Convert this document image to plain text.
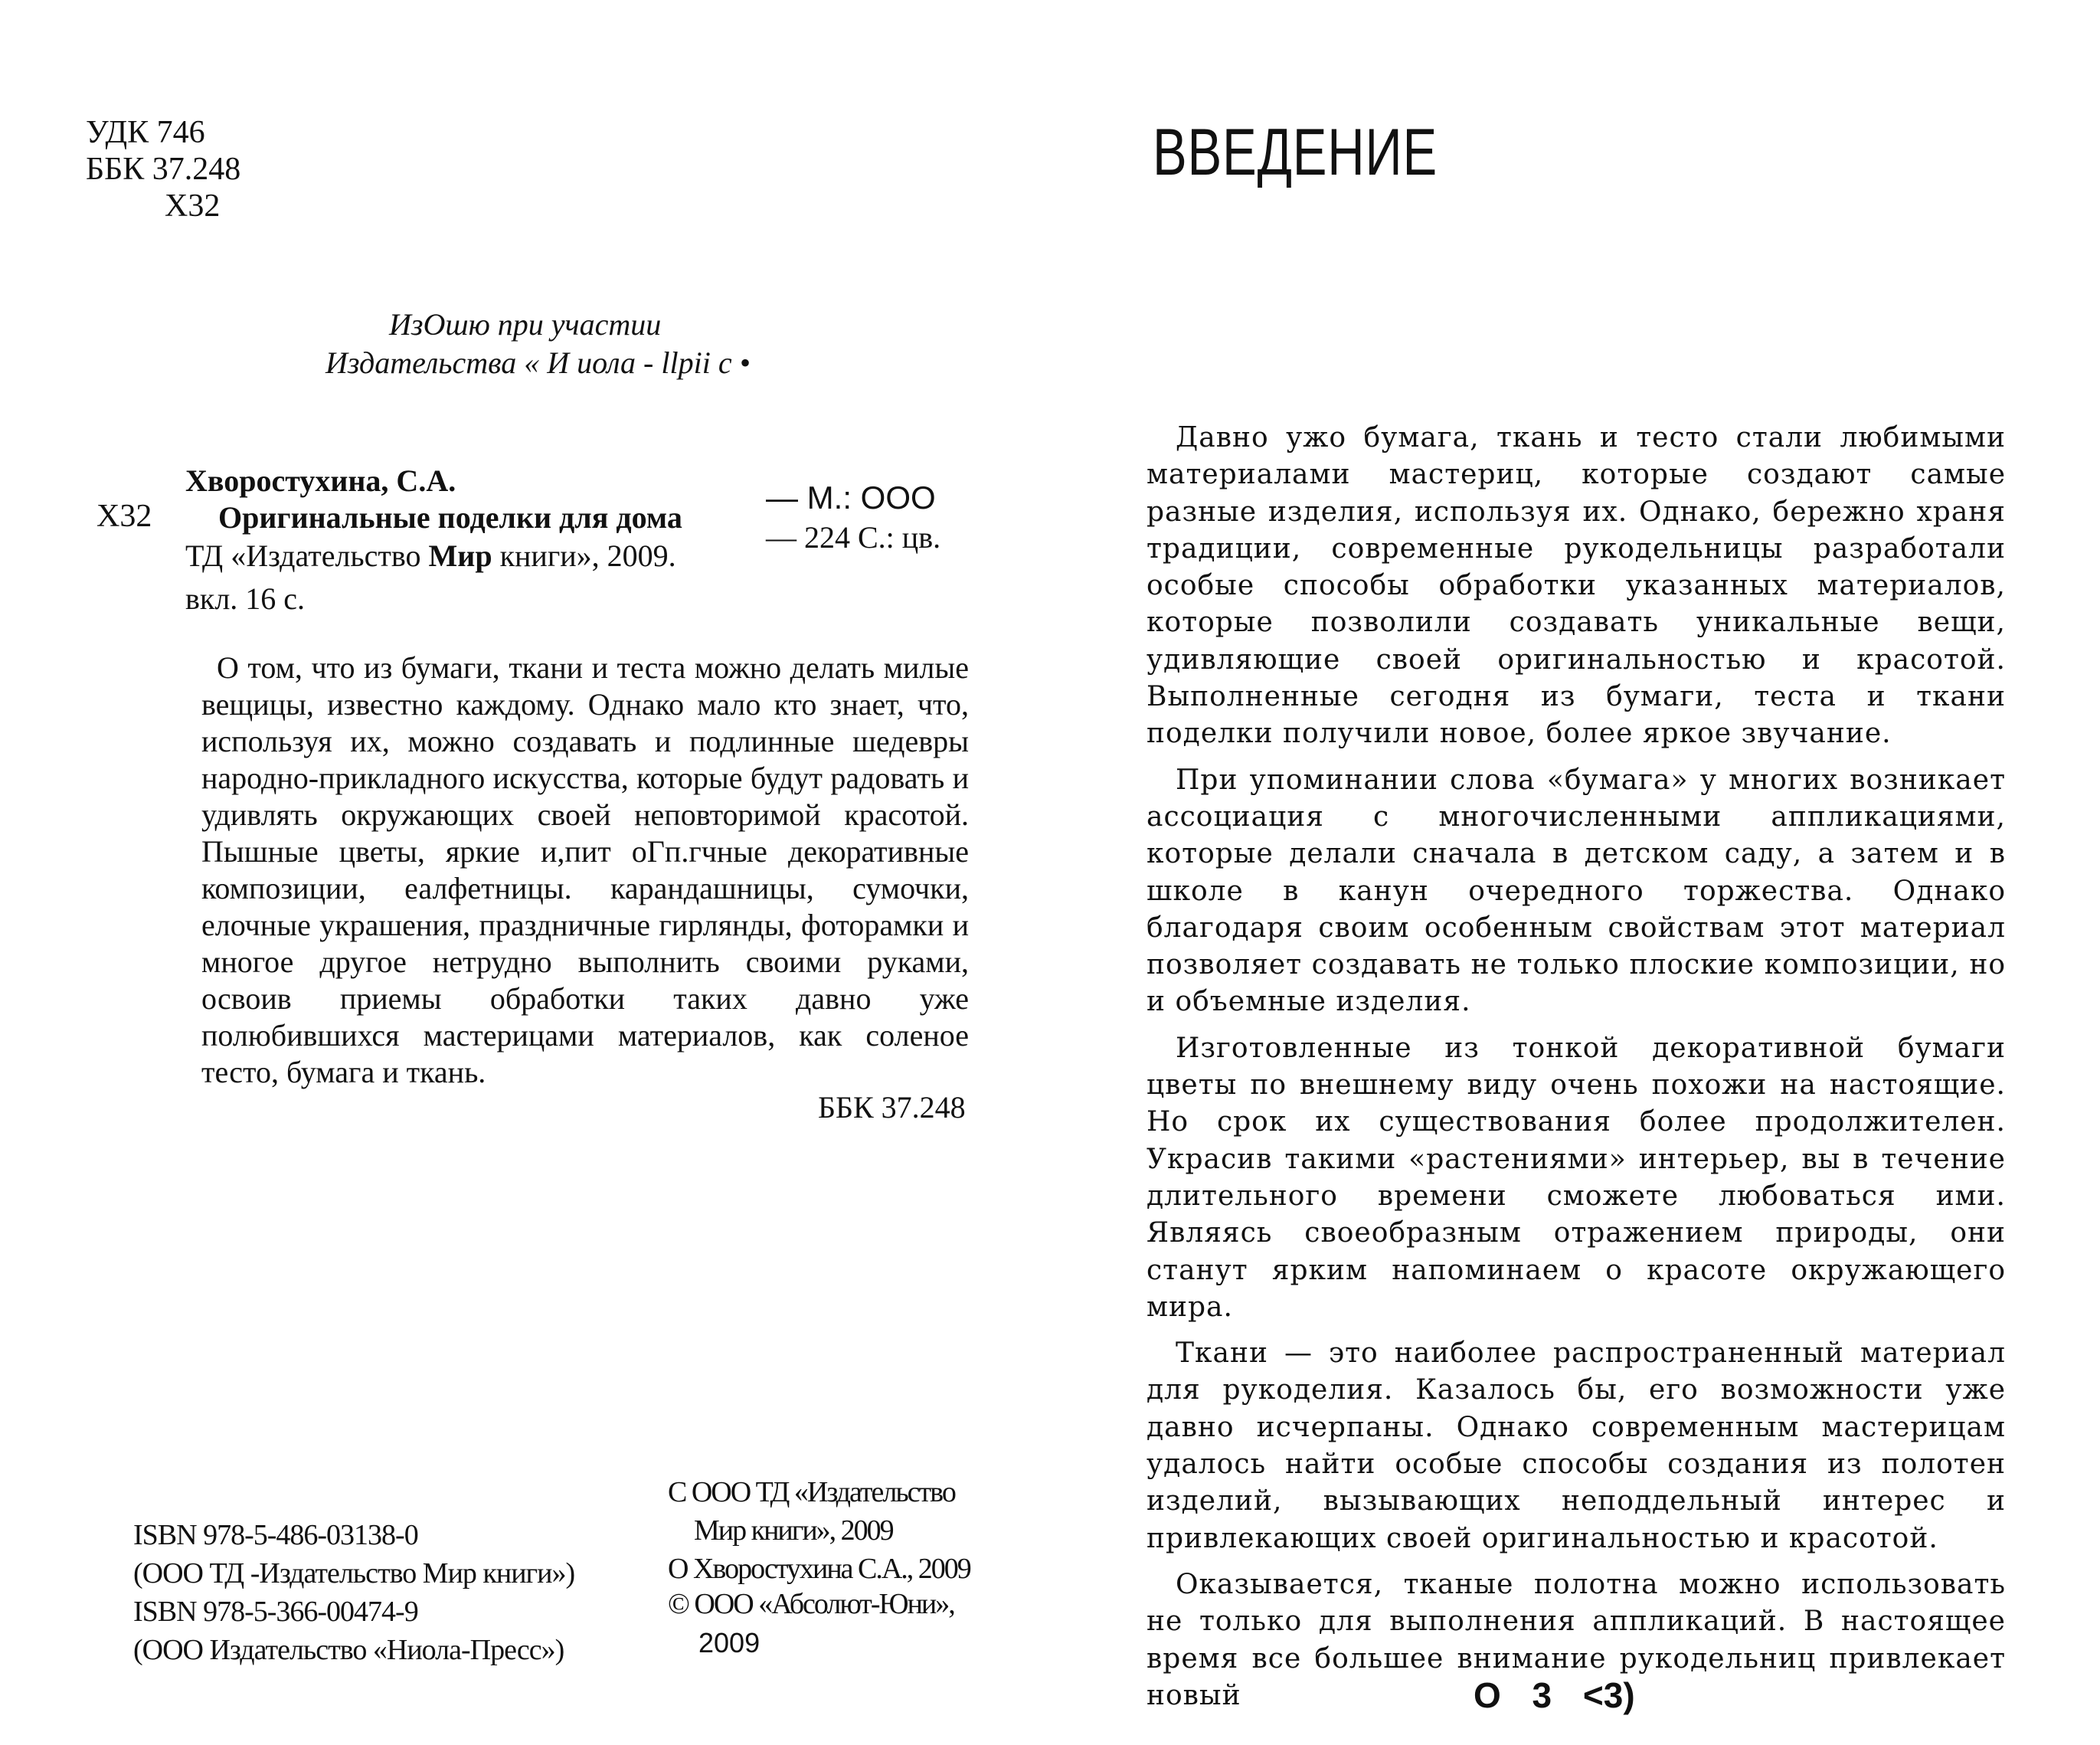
УДК 746
ББК 37.248
Х32
ИзОшю при участии
Издательства « И иола - llpii с •
Хворостухина, С.А.
Х32 Оригинальные поделки для дома
ТД «Издательство Мир книги», 2009.
вкл. 16 с.
— М.: ООО
— 224 С.: цв.
О том, что из бумаги, ткани и теста можно делать милые вещицы, известно каждому. Однако мало кто знает, что, используя их, можно создавать и подлинные шедевры народно-прикладного искусства, которые будут радовать и удивлять окружающих своей неповторимой красотой. Пышные цветы, яркие и,пит оГп.гчные декоративные композиции, еалфетницы. карандашницы, сумочки, елочные украшения, праздничные гирлянды, фоторамки и многое другое нетрудно выполнить своими руками, освоив приемы обработки таких давно уже полюбившихся мастерицами материалов, как соленое тесто, бумага и ткань.
ББК 37.248
ISBN 978-5-486-03138-0
(ООО ТД -Издательство Мир книги»)
ISBN 978-5-366-00474-9
(ООО Издательство «Ниола-Пресс»)
С ООО ТД «Издательство
Мир книги», 2009
О Хворостухина С.А., 2009
© ООО «Абсолют-Юни»,
2009
ВВЕДЕНИЕ

Давно ужо бумага, ткань и тесто стали любимыми материалами мастериц, которые создают самые разные изделия, используя их. Однако, бережно храня традиции, современные рукодельницы разработали особые способы обработки указанных материалов, которые позволили создавать уникальные вещи, удивляющие своей оригинальностью и красотой. Выполненные сегодня из бумаги, теста и ткани поделки получили новое, более яркое звучание.

При упоминании слова «бумага» у многих возникает ассоциация с многочисленными аппликациями, которые делали сначала в детском саду, а затем и в школе в канун очередного торжества. Однако благодаря своим особенным свойствам этот материал позволяет создавать не только плоские композиции, но и объемные изделия.

Изготовленные из тонкой декоративной бумаги цветы по внешнему виду очень похожи на настоящие. Но срок их существования более продолжителен. Украсив такими «растениями» интерьер, вы в течение длительного времени сможете любоваться ими. Являясь своеобразным отражением природы, они станут ярким напоминаем о красоте окружающего мира.

Ткани — это наиболее распространенный материал для рукоделия. Казалось бы, его возможности уже давно исчерпаны. Однако современным мастерицам удалось найти особые способы создания из полотен изделий, вызывающих неподдельный интерес и привлекающих своей оригинальностью и красотой.

Оказывается, тканые полотна можно использовать не только для выполнения аппликаций. В настоящее время все большее внимание рукодельниц привлекает новый	О 3 <3)
